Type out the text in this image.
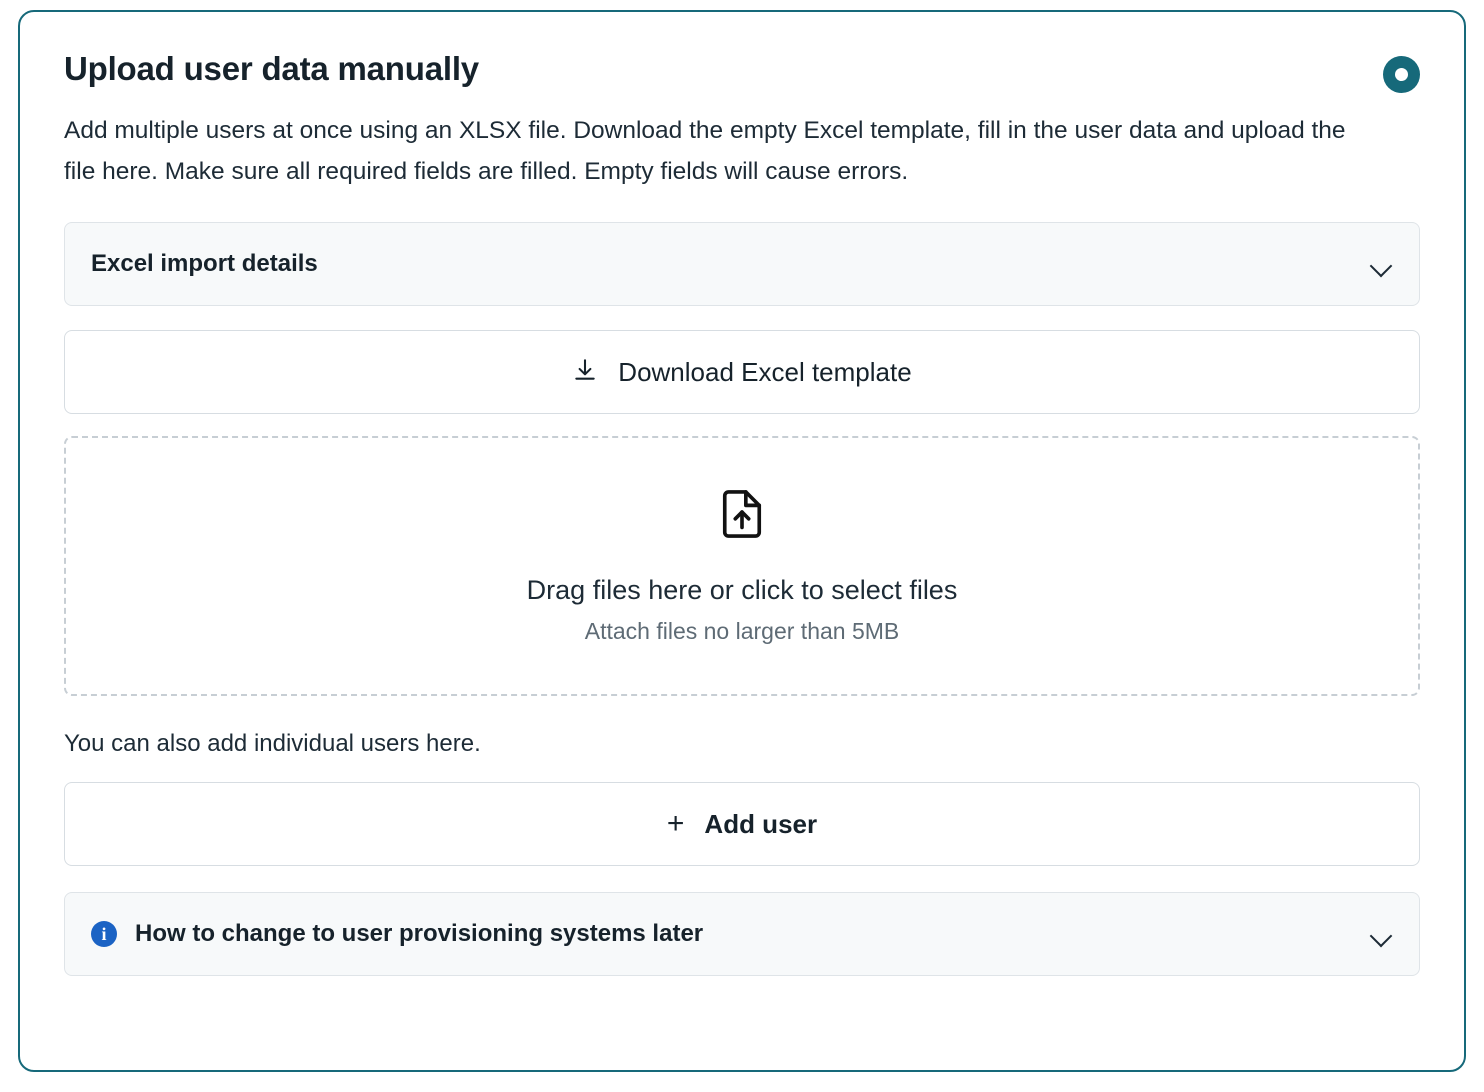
Upload user data manually
Add multiple users at once using an XLSX file. Download the empty Excel template, fill in the user data and upload the file here. Make sure all required fields are filled. Empty fields will cause errors.
Excel import details
Download Excel template
Drag files here or click to select files
Attach files no larger than 5MB
You can also add individual users here.
+ Add user
i	How to change to user provisioning systems later
